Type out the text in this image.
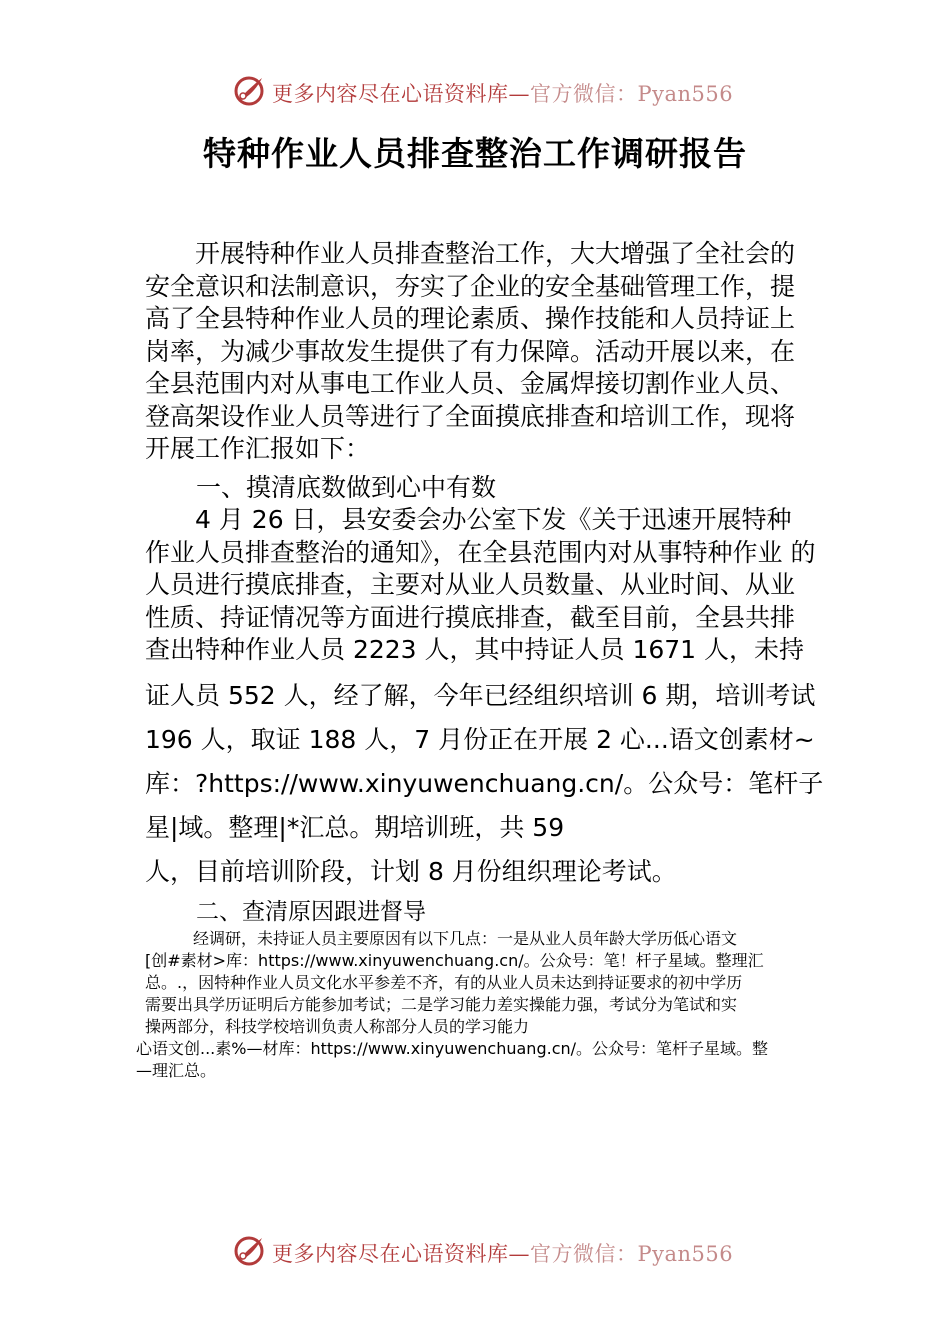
更多内容尽在心语资料库—官方微信：Pyan556
特种作业人员排查整治工作调研报告
　　开展特种作业人员排查整治工作，大大增强了全社会的
安全意识和法制意识，夯实了企业的安全基础管理工作，提
高了全县特种作业人员的理论素质、操作技能和人员持证上
岗率，为减少事故发生提供了有力保障。活动开展以来，在
全县范围内对从事电工作业人员、金属焊接切割作业人员、
登高架设作业人员等进行了全面摸底排查和培训工作，现将
开展工作汇报如下：
一、摸清底数做到心中有数
　　4 月 26 日，县安委会办公室下发《关于迅速开展特种
作业人员排查整治的通知》，在全县范围内对从事特种作业 的
人员进行摸底排查，主要对从业人员数量、从业时间、从业
性质、持证情况等方面进行摸底排查，截至目前，全县共排
查出特种作业人员 2223 人，其中持证人员 1671 人，未持
证人员 552 人，经了解，今年已经组织培训 6 期，培训考试
196 人，取证 188 人，7 月份正在开展 2 心...语文创素材~
库：?https://www.xinyuwenchuang.cn/。公众号：笔杆子
星|域。整理|*汇总。期培训班，共 59
人，目前培训阶段，计划 8 月份组织理论考试。
二、查清原因跟进督导
　　　经调研，未持证人员主要原因有以下几点：一是从业人员年龄大学历低心语文
[创#素材>库：https://www.xinyuwenchuang.cn/。公众号：笔！杆子星域。整理汇
总。.，因特种作业人员文化水平参差不齐，有的从业人员未达到持证要求的初中学历
需要出具学历证明后方能参加考试；二是学习能力差实操能力强，考试分为笔试和实
操两部分，科技学校培训负责人称部分人员的学习能力
心语文创...素%—材库：https://www.xinyuwenchuang.cn/。公众号：笔杆子星域。整
—理汇总。
更多内容尽在心语资料库—官方微信：Pyan556
